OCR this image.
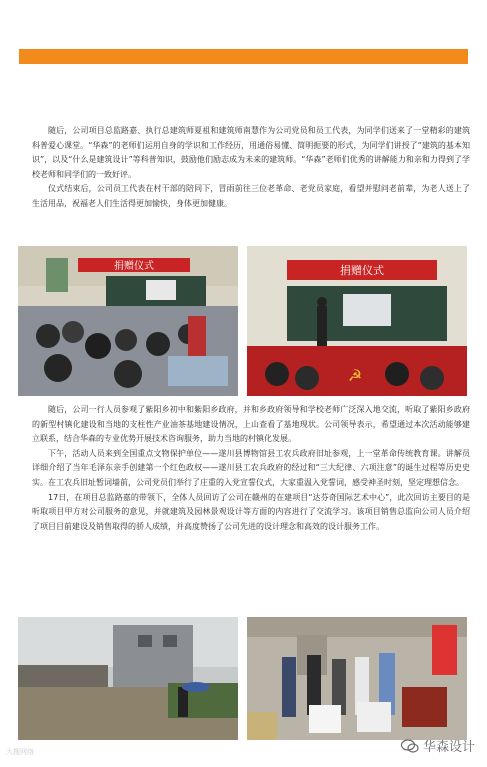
随后，公司项目总监路嘉、执行总建筑师夏祖和建筑师南慧作为公司党员和员工代表，为同学们送来了一堂精彩的建筑科普爱心课堂。“华森”的老师们运用自身的学识和工作经历，用通俗易懂、简明扼要的形式，为同学们讲授了“建筑的基本知识”，以及“什么是建筑设计”等科普知识，鼓励他们励志成为未来的建筑师。“华森”老师们优秀的讲解能力和亲和力得到了学校老师和同学们的一致好评。

仪式结束后，公司员工代表在村干部的陪同下，冒雨前往三位老革命、老党员家庭，看望并慰问老前辈，为老人送上了生活用品，祝福老人们生活得更加愉快，身体更加健康。

捐赠仪式	捐赠仪式
☭

随后，公司一行人员参观了紫阳乡初中和紫阳乡政府，并和乡政府领导和学校老师广泛深入地交流，听取了紫阳乡政府的新型村镇化建设和当地的支柱性产业油茶基地建设情况，上山查看了基地现状。公司领导表示，希望通过本次活动能够建立联系，结合华森的专业优势开展技术咨询服务，助力当地的村镇化发展。

下午，活动人员来到全国重点文物保护单位——遂川县博物馆县工农兵政府旧址参观，上一堂革命传统教育课。讲解员详细介绍了当年毛泽东亲手创建第一个红色政权——遂川县工农兵政府的经过和“三大纪律、六项注意”的诞生过程等历史史实。在工农兵旧址暂词墙前，公司党员们举行了庄重的入党宣誓仪式，大家重温入党誓词，感受神圣时刻，坚定理想信念。

17日，在项目总监路嘉的带领下，全体人员回访了公司在赣州的在建项目“达芬奇国际艺术中心”，此次回访主要目的是听取项目甲方对公司服务的意见，并就建筑及园林景观设计等方面的内容进行了交流学习。该项目销售总监向公司人员介绍了项目目前建设及销售取得的骄人成绩，并高度赞扬了公司先进的设计理念和高效的设计服务工作。

大搜网络	华森设计
